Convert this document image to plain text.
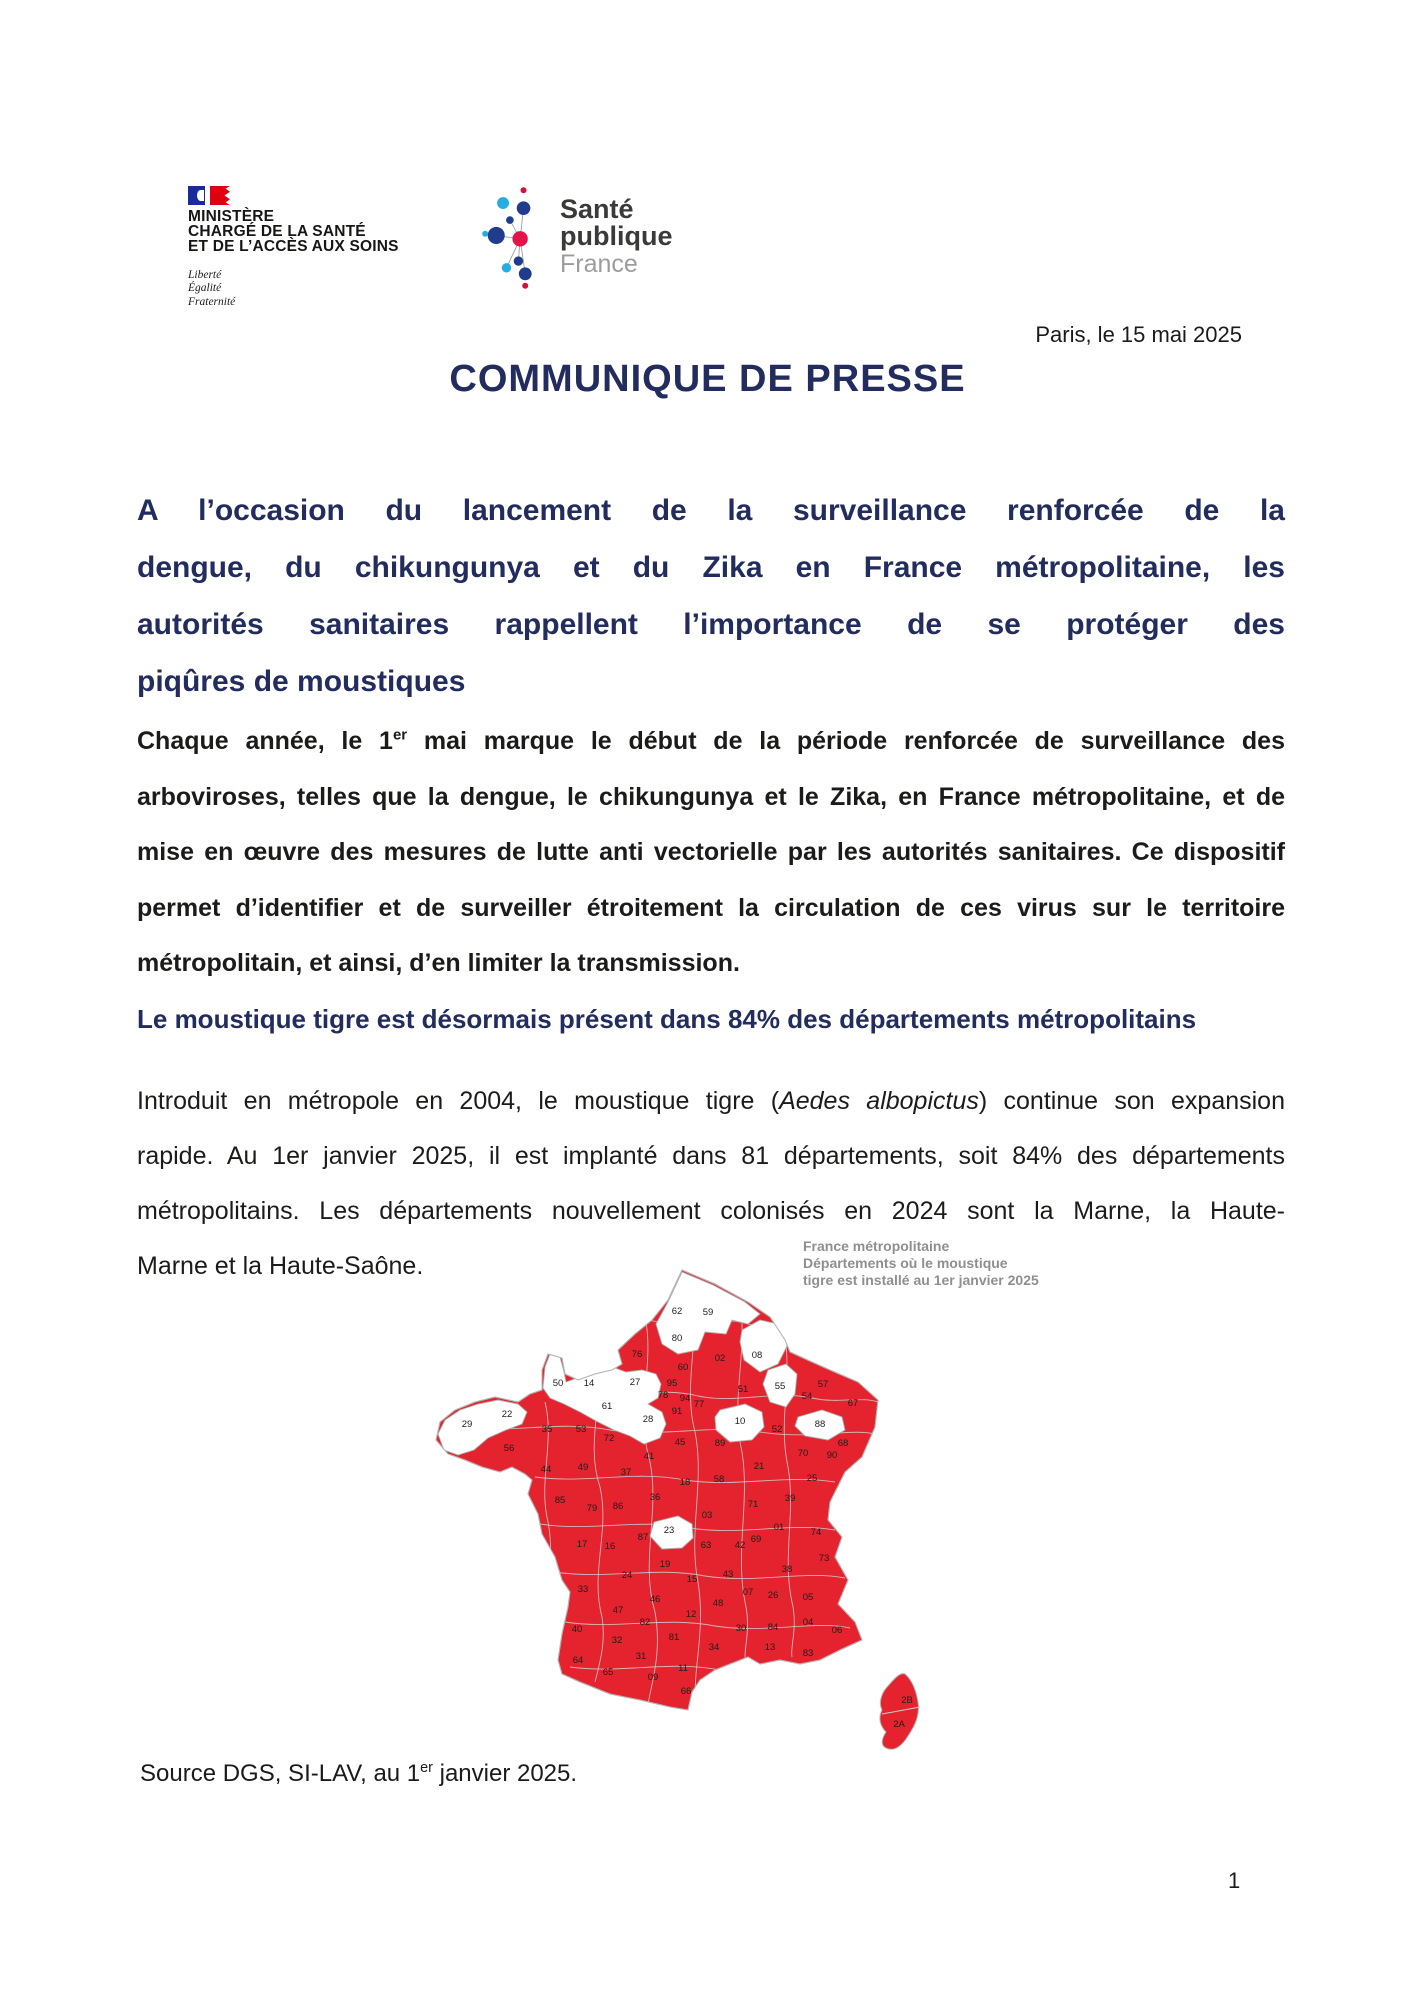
MINISTÈRE
CHARGÉ DE LA SANTÉ
ET DE L’ACCÈS AUX SOINS
Liberté
Égalité
Fraternité
Santé
publique
France
Paris, le 15 mai 2025
COMMUNIQUE DE PRESSE
A l’occasion du lancement de la surveillance renforcée de la
dengue, du chikungunya et du Zika en France métropolitaine, les
autorités sanitaires rappellent l’importance de se protéger des
piqûres de moustiques
Chaque année, le 1er mai marque le début de la période renforcée de surveillance des
arboviroses, telles que la dengue, le chikungunya et le Zika, en France métropolitaine, et de
mise en œuvre des mesures de lutte anti vectorielle par les autorités sanitaires. Ce dispositif
permet d’identifier et de surveiller étroitement la circulation de ces virus sur le territoire
métropolitain, et ainsi, d’en limiter la transmission.
Le moustique tigre est désormais présent dans 84% des départements métropolitains
Introduit en métropole en 2004, le moustique tigre (Aedes albopictus) continue son expansion
rapide. Au 1er janvier 2025, il est implanté dans 81 départements, soit 84% des départements
métropolitains. Les départements nouvellement colonisés en 2024 sont la Marne, la Haute-
Marne et la Haute-Saône.
France métropolitaine
Départements où le moustique tigre est installé au 1er janvier 2025
62 59
80
08
55
27
50 14
61
28
22
29	10	88
23
76
60
02
57
54
67
95
51
78 94
77
91
52
68
35 53
72	45	89
70 90
56
41
21
25
44	49	37
18 58
39
85
79 86
36
71
03
01	74
87
16
17	63 42
69
19
73
38
24
33
15	43
07 26	05
46
47
48
12
04
82
40	30 84	06
32	81
34	13
83
64	31
65	11
09
66
2B
2A
Source DGS, SI-LAV, au 1er janvier 2025.
1
